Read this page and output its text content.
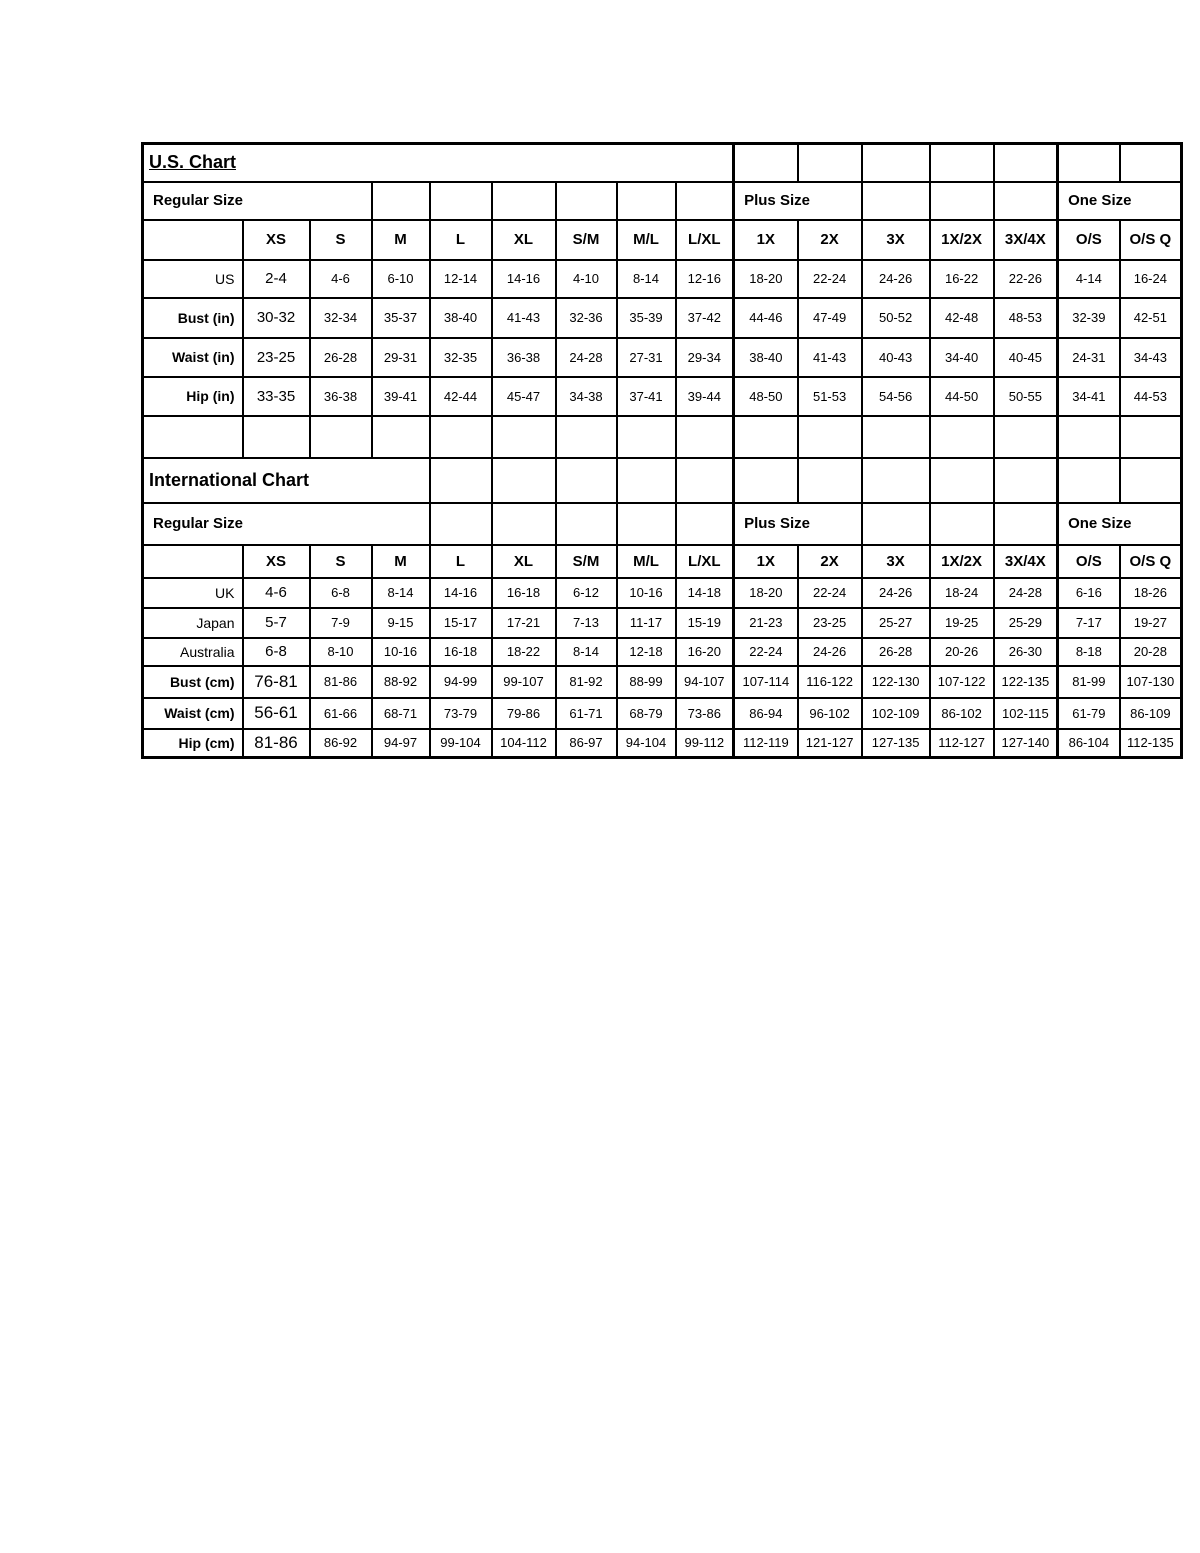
U.S. Chart															
Regular Size									Plus Size					One Size	
	XS	S	M	L	XL	S/M	M/L	L/XL	1X	2X	3X	1X/2X	3X/4X	O/S	O/S Q
US	2-4	4-6	6-10	12-14	14-16	4-10	8-14	12-16	18-20	22-24	24-26	16-22	22-26	4-14	16-24
Bust (in)	30-32	32-34	35-37	38-40	41-43	32-36	35-39	37-42	44-46	47-49	50-52	42-48	48-53	32-39	42-51
Waist (in)	23-25	26-28	29-31	32-35	36-38	24-28	27-31	29-34	38-40	41-43	40-43	34-40	40-45	24-31	34-43
Hip (in)	33-35	36-38	39-41	42-44	45-47	34-38	37-41	39-44	48-50	51-53	54-56	44-50	50-55	34-41	44-53

International Chart															
Regular Size									Plus Size					One Size	
	XS	S	M	L	XL	S/M	M/L	L/XL	1X	2X	3X	1X/2X	3X/4X	O/S	O/S Q
UK	4-6	6-8	8-14	14-16	16-18	6-12	10-16	14-18	18-20	22-24	24-26	18-24	24-28	6-16	18-26
Japan	5-7	7-9	9-15	15-17	17-21	7-13	11-17	15-19	21-23	23-25	25-27	19-25	25-29	7-17	19-27
Australia	6-8	8-10	10-16	16-18	18-22	8-14	12-18	16-20	22-24	24-26	26-28	20-26	26-30	8-18	20-28
Bust (cm)	76-81	81-86	88-92	94-99	99-107	81-92	88-99	94-107	107-114	116-122	122-130	107-122	122-135	81-99	107-130
Waist (cm)	56-61	61-66	68-71	73-79	79-86	61-71	68-79	73-86	86-94	96-102	102-109	86-102	102-115	61-79	86-109
Hip (cm)	81-86	86-92	94-97	99-104	104-112	86-97	94-104	99-112	112-119	121-127	127-135	112-127	127-140	86-104	112-135
